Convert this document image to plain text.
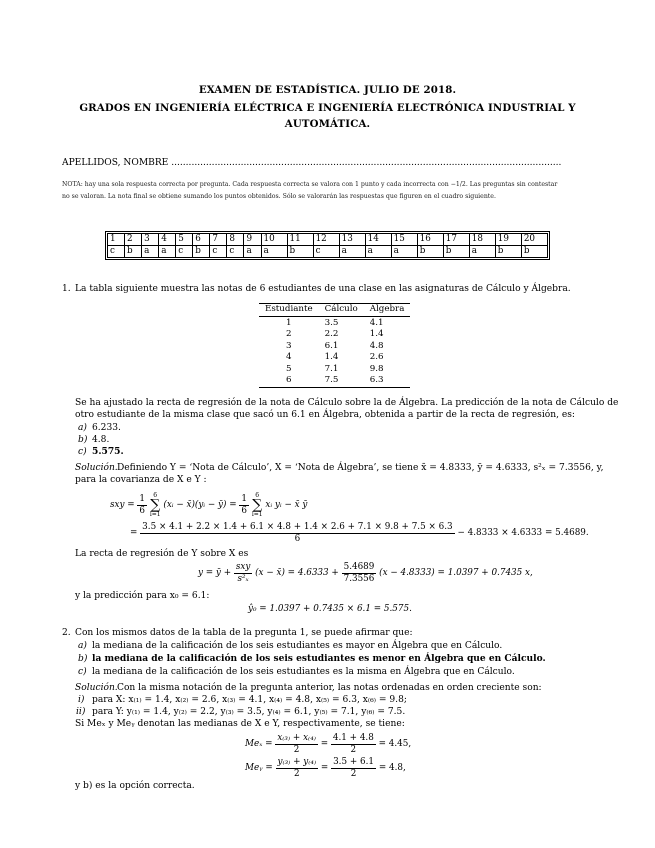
EXAMEN DE ESTADÍSTICA. JULIO DE 2018.
GRADOS EN INGENIERÍA ELÉCTRICA E INGENIERÍA ELECTRÓNICA INDUSTRIAL Y
AUTOMÁTICA.
APELLIDOS, NOMBRE .......................................................................................................................................
NOTA: hay una sola respuesta correcta por pregunta. Cada respuesta correcta se valora con 1 punto y cada incorrecta con −1/2. Las preguntas sin contestar
no se valoran. La nota final se obtiene sumando los puntos obtenidos. Sólo se valorarán las respuestas que figuren en el cuadro siguiente.
1	2	3	4	5	6	7	8	9	10	11	12	13	14	15	16	17	18	19	20
c	b	a	a	c	b	c	c	a	a	b	c	a	a	a	b	b	a	b	b
1. La tabla siguiente muestra las notas de 6 estudiantes de una clase en las asignaturas de Cálculo y Álgebra.
Estudiante	Cálculo	Álgebra
1	3.5	4.1
2	2.2	1.4
3	6.1	4.8
4	1.4	2.6
5	7.1	9.8
6	7.5	6.3
Se ha ajustado la recta de regresión de la nota de Cálculo sobre la de Álgebra. La predicción de la nota de Cálculo de
otro estudiante de la misma clase que sacó un 6.1 en Álgebra, obtenida a partir de la recta de regresión, es:
a) 6.233.
b) 4.8.
c) 5.575.
Solución. Definiendo Y = ‘Nota de Cálculo’, X = ‘Nota de Álgebra’, se tiene x̄ = 4.8333, ȳ = 4.6333, s²ₓ = 7.3556, y,
para la covarianza de X e Y :
sxy = $\frac{1}{6} 6$
∑
i=1 (xᵢ − x̄)(yᵢ − ȳ) = $\frac{1}{6} 6$
∑
i=1 xᵢ yᵢ − x̄ ȳ
=
3.5 × 4.1 + 2.2 × 1.4 + 6.1 × 4.8 + 1.4 × 2.6 + 7.1 × 9.8 + 7.5 × 6.3
6
− 4.8333 × 4.6333 = 5.4689.
La recta de regresión de Y sobre X es
y = ȳ + $\frac{\text{sxy}}{\text{s²ₓ}} (x$ − x̄) = $4.6333 + \frac{5.4689}{7.3556} (x - 4.8333) = 1.0397 + 0.7435$ x,
y la predicción para x₀ = 6.1:
ŷ₀ = 1.0397 + 0.7435 × 6.1 = 5.575.
2. Con los mismos datos de la tabla de la pregunta 1, se puede afirmar que:
a) la mediana de la calificación de los seis estudiantes es mayor en Álgebra que en Cálculo.
b) la mediana de la calificación de los seis estudiantes es menor en Álgebra que en Cálculo.
c) la mediana de la calificación de los seis estudiantes es la misma en Álgebra que en Cálculo.
Solución. Con la misma notación de la pregunta anterior, las notas ordenadas en orden creciente son:
i) para X: x₍₁₎ = 1.4, x₍₂₎ = 2.6, x₍₃₎ = 4.1, x₍₄₎ = 4.8, x₍₅₎ = 6.3, x₍₆₎ = 9.8;
ii) para Y: y₍₁₎ = 1.4, y₍₂₎ = 2.2, y₍₃₎ = 3.5, y₍₄₎ = 6.1, y₍₅₎ = 7.1, y₍₆₎ = 7.5.
Si Meₓ y Meᵧ denotan las medianas de X e Y, respectivamente, se tiene:
$Me_x = \frac{\text{x₍₃₎ + x₍₄₎}}{2} = \frac{4.1 + 4.8}{2} = 4.45$,
Meᵧ = $\frac{\text{y₍₃₎ + y₍₄₎}}{2} = \frac{3.5 + 6.1}{2} = 4.8$,
y b) es la opción correcta.
